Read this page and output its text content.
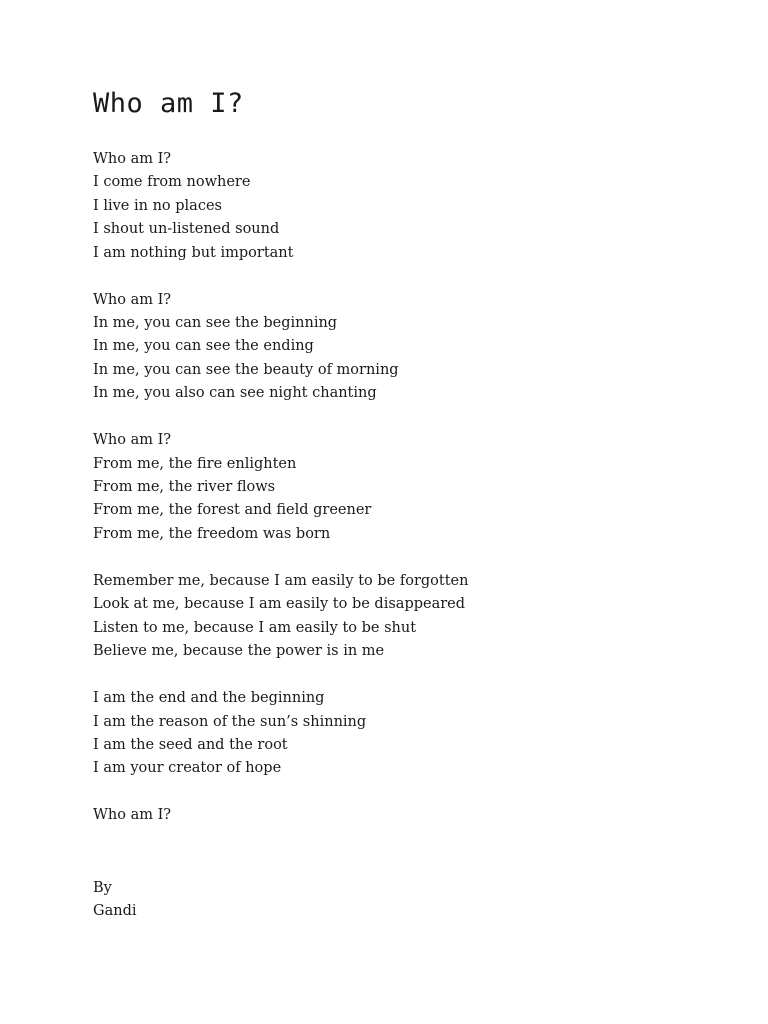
Who am I?
Who am I?
I come from nowhere
I live in no places
I shout un-listened sound
I am nothing but important
Who am I?
In me, you can see the beginning
In me, you can see the ending
In me, you can see the beauty of morning
In me, you also can see night chanting
Who am I?
From me, the fire enlighten
From me, the river flows
From me, the forest and field greener
From me, the freedom was born
Remember me, because I am easily to be forgotten
Look at me, because I am easily to be disappeared
Listen to me, because I am easily to be shut
Believe me, because the power is in me
I am the end and the beginning
I am the reason of the sun’s shinning
I am the seed and the root
I am your creator of hope
Who am I?
By
Gandi
